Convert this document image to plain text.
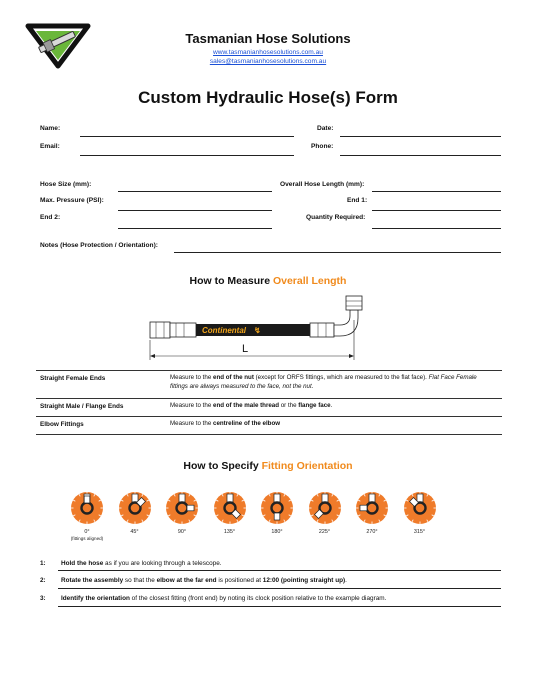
Tasmanian Hose Solutions
www.tasmanianhosesolutions.com.au
sales@tasmanianhosesolutions.com.au
Custom Hydraulic Hose(s) Form
Name:	Date:
Email:	Phone:
Hose Size (mm):	Overall Hose Length (mm):
Max. Pressure (PSI):	End 1:
End 2:	Quantity Required:
Notes (Hose Protection / Orientation):
How to Measure Overall Length
Continental ↯
L
Straight Female Ends	Measure to the end of the nut (except for ORFS fittings, which are measured to the flat face). Flat Face Female fittings are always measured to the face, not the nut.
Straight Male / Flange Ends	Measure to the end of the male thread or the flange face.
Elbow Fittings	Measure to the centreline of the elbow
How to Specify Fitting Orientation
0°
(fittings aligned)
45°	90°	135°	180°	225°	270°	315°
1: Hold the hose as if you are looking through a telescope.
2: Rotate the assembly so that the elbow at the far end is positioned at 12:00 (pointing straight up).
3: Identify the orientation of the closest fitting (front end) by noting its clock position relative to the example diagram.
